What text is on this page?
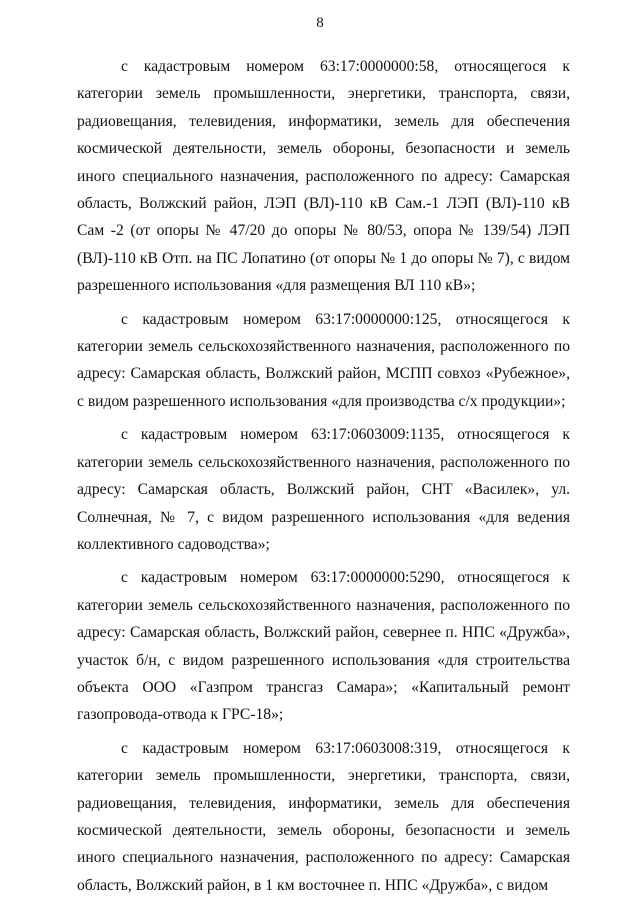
8

с кадастровым номером 63:17:0000000:58, относящегося к категории земель промышленности, энергетики, транспорта, связи, радиовещания, телевидения, информатики, земель для обеспечения космической деятельности, земель обороны, безопасности и земель иного специального назначения, расположенного по адресу: Самарская область, Волжский район, ЛЭП (ВЛ)-110 кВ Сам.-1 ЛЭП (ВЛ)-110 кВ Сам -2 (от опоры № 47/20 до опоры № 80/53, опора № 139/54) ЛЭП (ВЛ)-110 кВ Отп. на ПС Лопатино (от опоры № 1 до опоры № 7), с видом разрешенного использования «для размещения ВЛ 110 кВ»;

с кадастровым номером 63:17:0000000:125, относящегося к категории земель сельскохозяйственного назначения, расположенного по адресу: Самарская область, Волжский район, МСПП совхоз «Рубежное», с видом разрешенного использования «для производства с/х продукции»;

с кадастровым номером 63:17:0603009:1135, относящегося к категории земель сельскохозяйственного назначения, расположенного по адресу: Самарская область, Волжский район, СНТ «Василек», ул. Солнечная, № 7, с видом разрешенного использования «для ведения коллективного садоводства»;

с кадастровым номером 63:17:0000000:5290, относящегося к категории земель сельскохозяйственного назначения, расположенного по адресу: Самарская область, Волжский район, севернее п. НПС «Дружба», участок б/н, с видом разрешенного использования «для строительства объекта ООО «Газпром трансгаз Самара»; «Капитальный ремонт газопровода-отвода к ГРС-18»;

с кадастровым номером 63:17:0603008:319, относящегося к категории земель промышленности, энергетики, транспорта, связи, радиовещания, телевидения, информатики, земель для обеспечения космической деятельности, земель обороны, безопасности и земель иного специального назначения, расположенного по адресу: Самарская область, Волжский район, в 1 км восточнее п. НПС «Дружба», с видом
